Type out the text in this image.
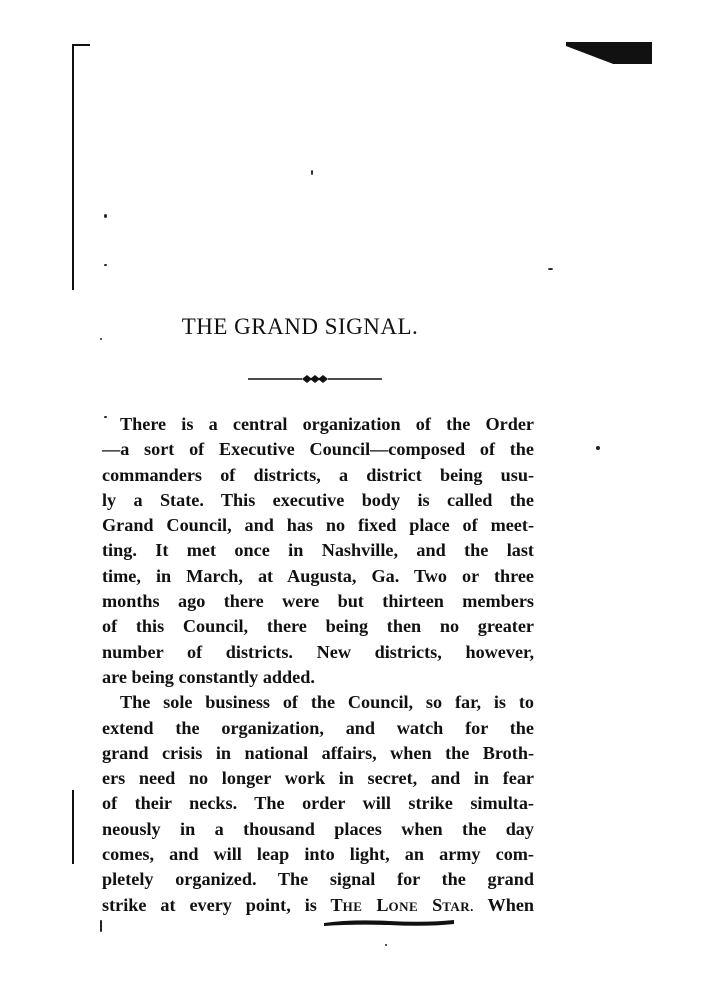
THE GRAND SIGNAL.
There is a central organization of the Order
—a sort of Executive Council—composed of the
commanders of districts, a district being usu-
ly a State. This executive body is called the
Grand Council, and has no fixed place of meet-
ting. It met once in Nashville, and the last
time, in March, at Augusta, Ga. Two or three
months ago there were but thirteen members
of this Council, there being then no greater
number of districts. New districts, however,
are being constantly added.
The sole business of the Council, so far, is to
extend the organization, and watch for the
grand crisis in national affairs, when the Broth-
ers need no longer work in secret, and in fear
of their necks. The order will strike simulta-
neously in a thousand places when the day
comes, and will leap into light, an army com-
pletely organized. The signal for the grand
strike at every point, is THE LONE STAR. When
